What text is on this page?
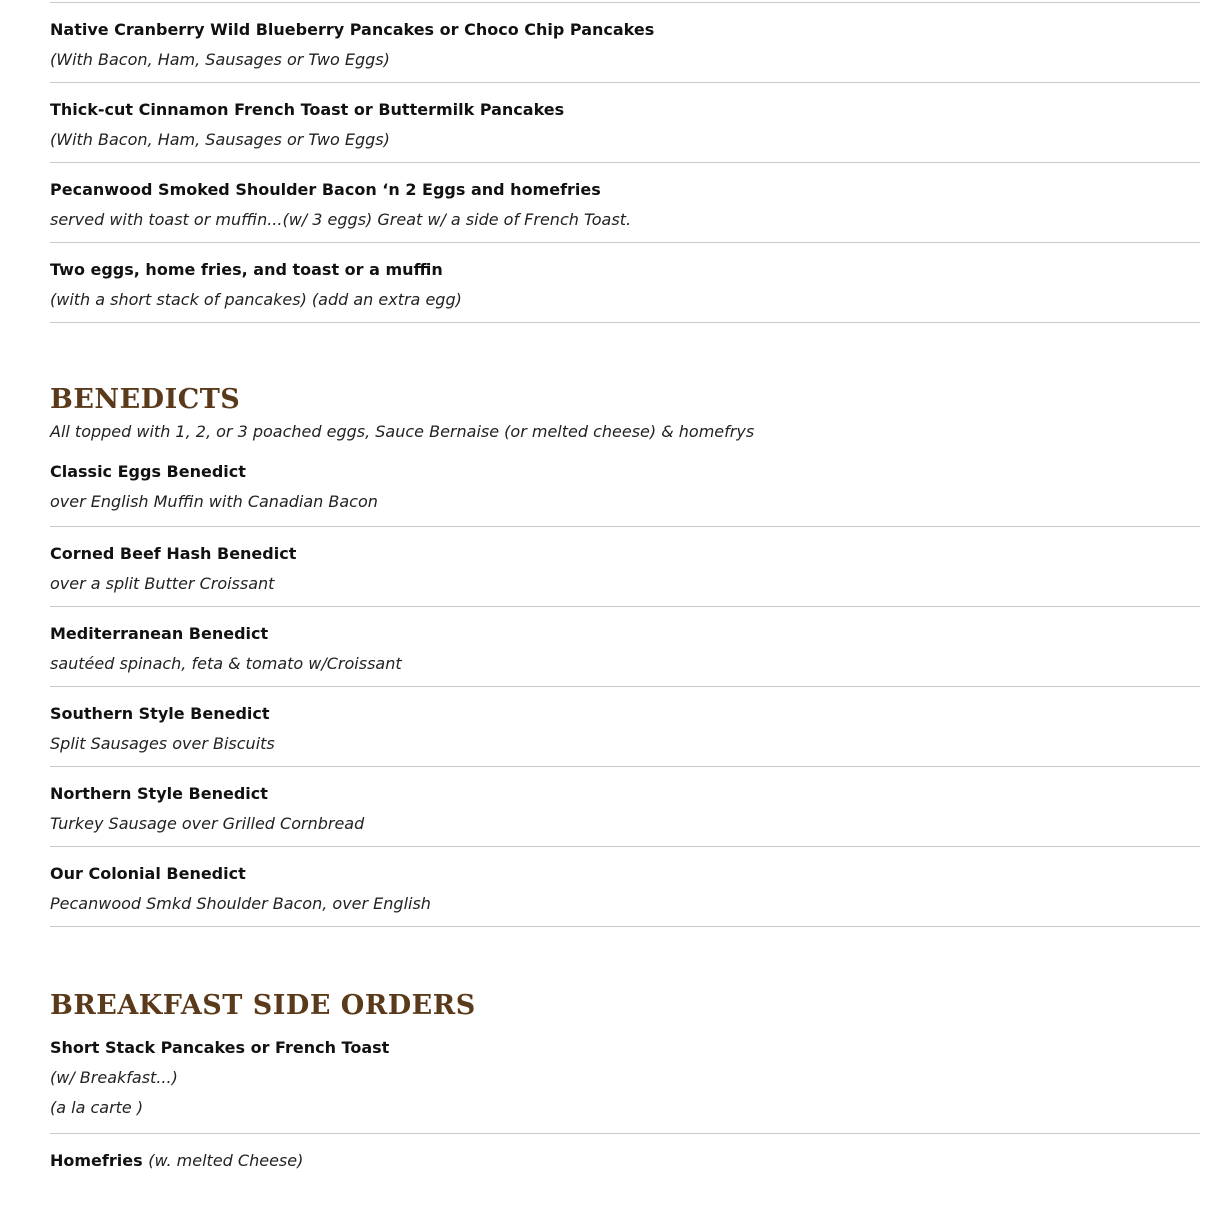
Native Cranberry Wild Blueberry Pancakes or Choco Chip Pancakes
(With Bacon, Ham, Sausages or Two Eggs)
Thick-cut Cinnamon French Toast or Buttermilk Pancakes
(With Bacon, Ham, Sausages or Two Eggs)
Pecanwood Smoked Shoulder Bacon ‘n 2 Eggs and homefries
served with toast or muffin...(w/ 3 eggs) Great w/ a side of French Toast.
Two eggs, home fries, and toast or a muffin
(with a short stack of pancakes) (add an extra egg)
BENEDICTS
All topped with 1, 2, or 3 poached eggs, Sauce Bernaise (or melted cheese) & homefrys
Classic Eggs Benedict
over English Muffin with Canadian Bacon
Corned Beef Hash Benedict
over a split Butter Croissant
Mediterranean Benedict
sautéed spinach, feta & tomato w/Croissant
Southern Style Benedict
Split Sausages over Biscuits
Northern Style Benedict
Turkey Sausage over Grilled Cornbread
Our Colonial Benedict
Pecanwood Smkd Shoulder Bacon, over English
BREAKFAST SIDE ORDERS
Short Stack Pancakes or French Toast
(w/ Breakfast...)
(a la carte )
Homefries (w. melted Cheese)
